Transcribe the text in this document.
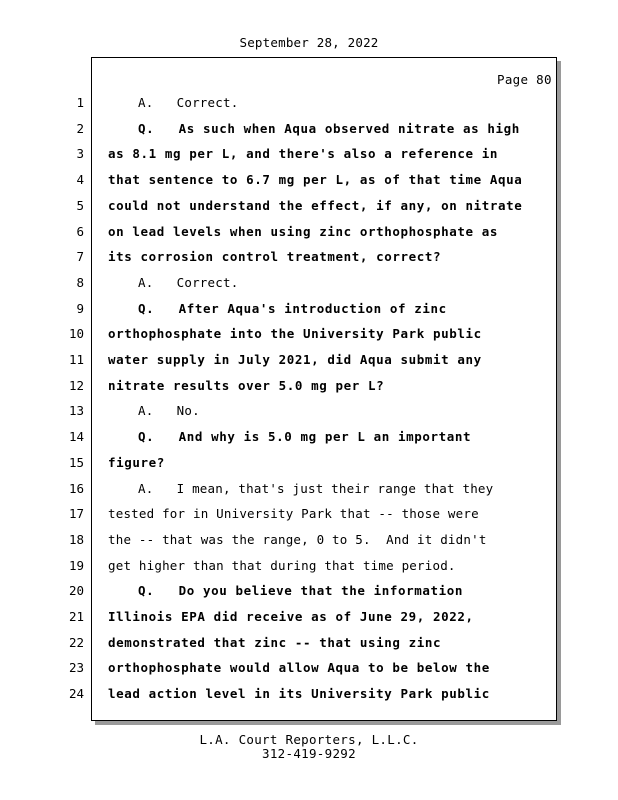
September 28, 2022
Page 80
1	A.   Correct.
2	Q.   As such when Aqua observed nitrate as high
3 as 8.1 mg per L, and there's also a reference in
4 that sentence to 6.7 mg per L, as of that time Aqua
5 could not understand the effect, if any, on nitrate
6 on lead levels when using zinc orthophosphate as
7 its corrosion control treatment, correct?
8	A.   Correct.
9	Q.   After Aqua's introduction of zinc
10 orthophosphate into the University Park public
11 water supply in July 2021, did Aqua submit any
12 nitrate results over 5.0 mg per L?
13	A.   No.
14	Q.   And why is 5.0 mg per L an important
15 figure?
16	A.   I mean, that's just their range that they
17 tested for in University Park that -- those were
18 the -- that was the range, 0 to 5.  And it didn't
19 get higher than that during that time period.
20	Q.   Do you believe that the information
21 Illinois EPA did receive as of June 29, 2022,
22 demonstrated that zinc -- that using zinc
23 orthophosphate would allow Aqua to be below the
24 lead action level in its University Park public
L.A. Court Reporters, L.L.C.
312-419-9292
